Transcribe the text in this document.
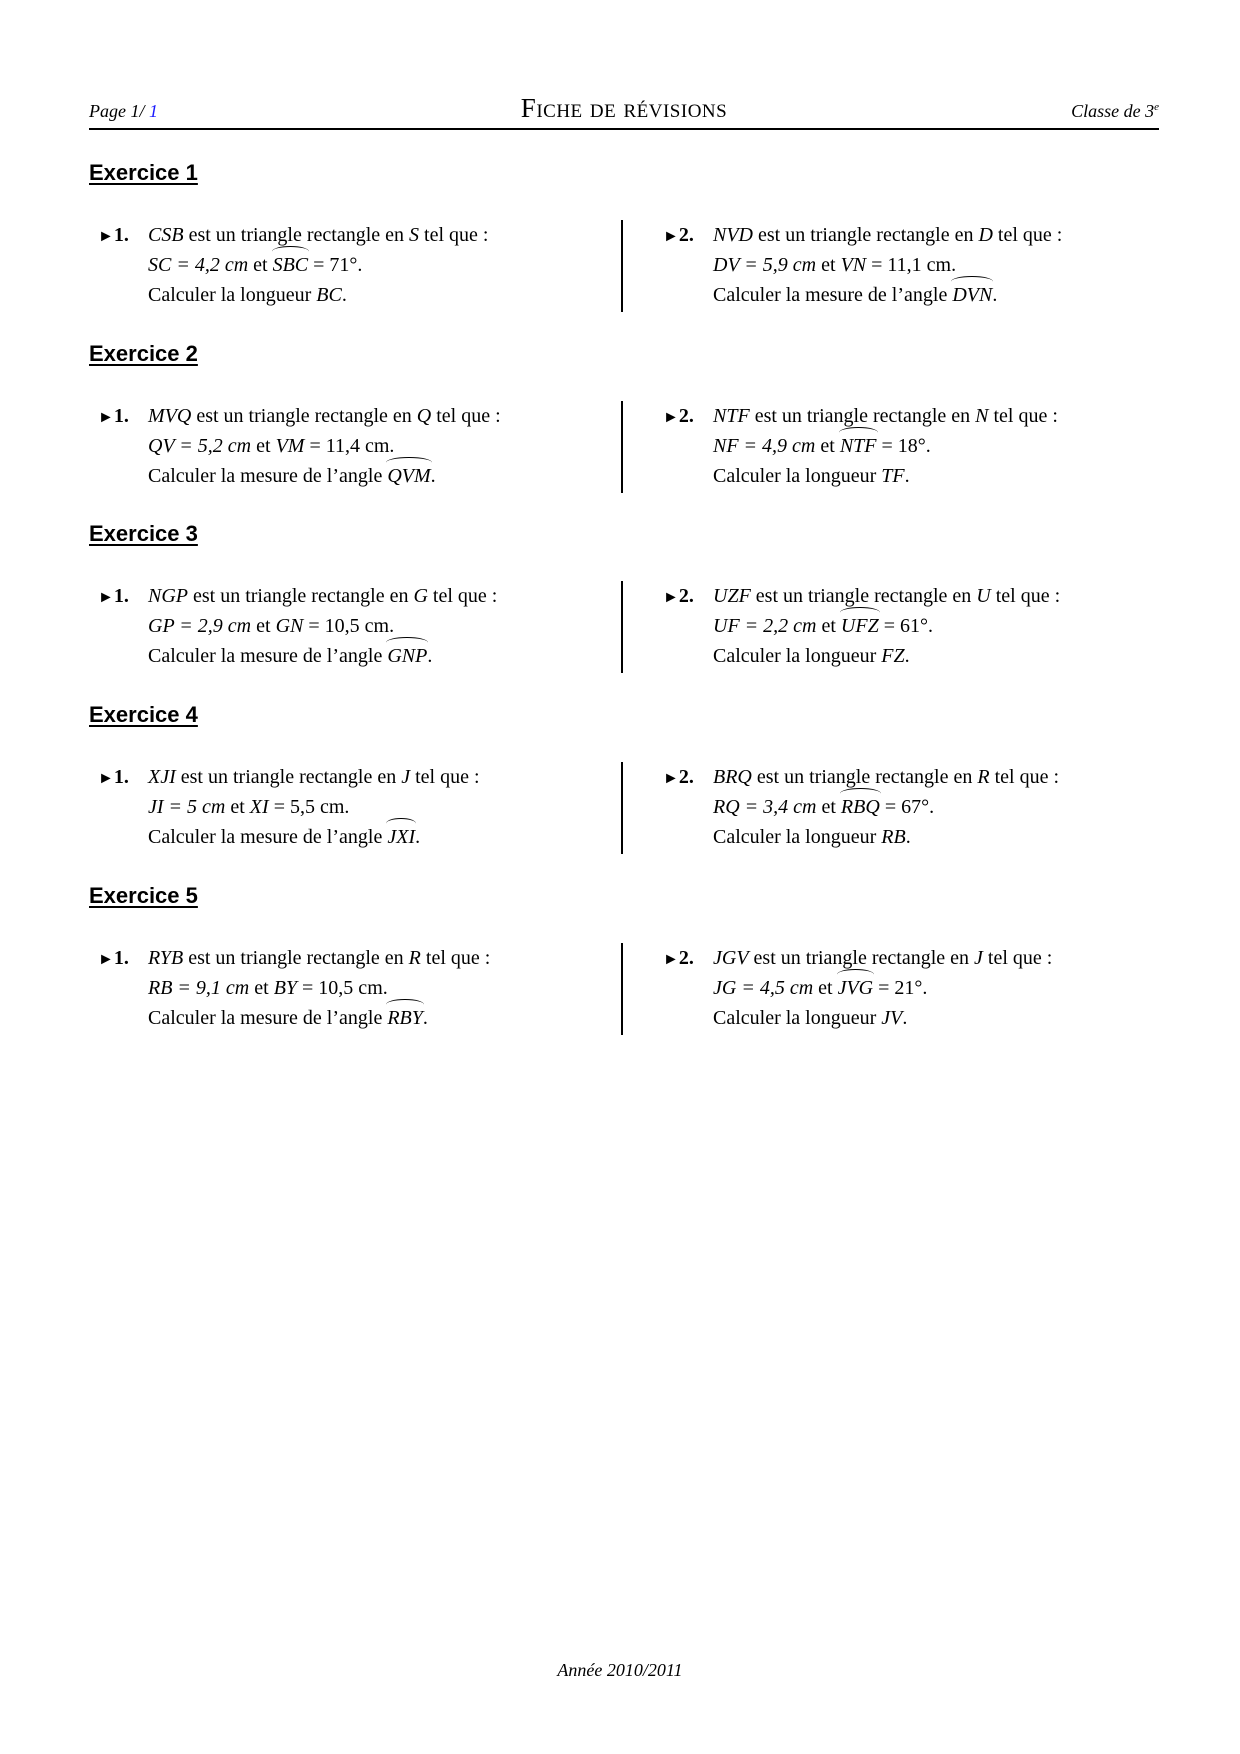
Page 1/ 1	Fiche de révisions	Classe de 3e
Exercice 1
►1. CSB est un triangle rectangle en S tel que :
SC = 4,2 cm et SBC = 71°.
Calculer la longueur BC.
►2. NVD est un triangle rectangle en D tel que :
DV = 5,9 cm et VN = 11,1 cm.
Calculer la mesure de l’angle DVN.
Exercice 2
►1. MVQ est un triangle rectangle en Q tel que :
QV = 5,2 cm et VM = 11,4 cm.
Calculer la mesure de l’angle QVM.
►2. NTF est un triangle rectangle en N tel que :
NF = 4,9 cm et NTF = 18°.
Calculer la longueur TF.
Exercice 3
►1. NGP est un triangle rectangle en G tel que :
GP = 2,9 cm et GN = 10,5 cm.
Calculer la mesure de l’angle GNP.
►2. UZF est un triangle rectangle en U tel que :
UF = 2,2 cm et UFZ = 61°.
Calculer la longueur FZ.
Exercice 4
►1. XJI est un triangle rectangle en J tel que :
JI = 5 cm et XI = 5,5 cm.
Calculer la mesure de l’angle JXI.
►2. BRQ est un triangle rectangle en R tel que :
RQ = 3,4 cm et RBQ = 67°.
Calculer la longueur RB.
Exercice 5
►1. RYB est un triangle rectangle en R tel que :
RB = 9,1 cm et BY = 10,5 cm.
Calculer la mesure de l’angle RBY.
►2. JGV est un triangle rectangle en J tel que :
JG = 4,5 cm et JVG = 21°.
Calculer la longueur JV.
Année 2010/2011
